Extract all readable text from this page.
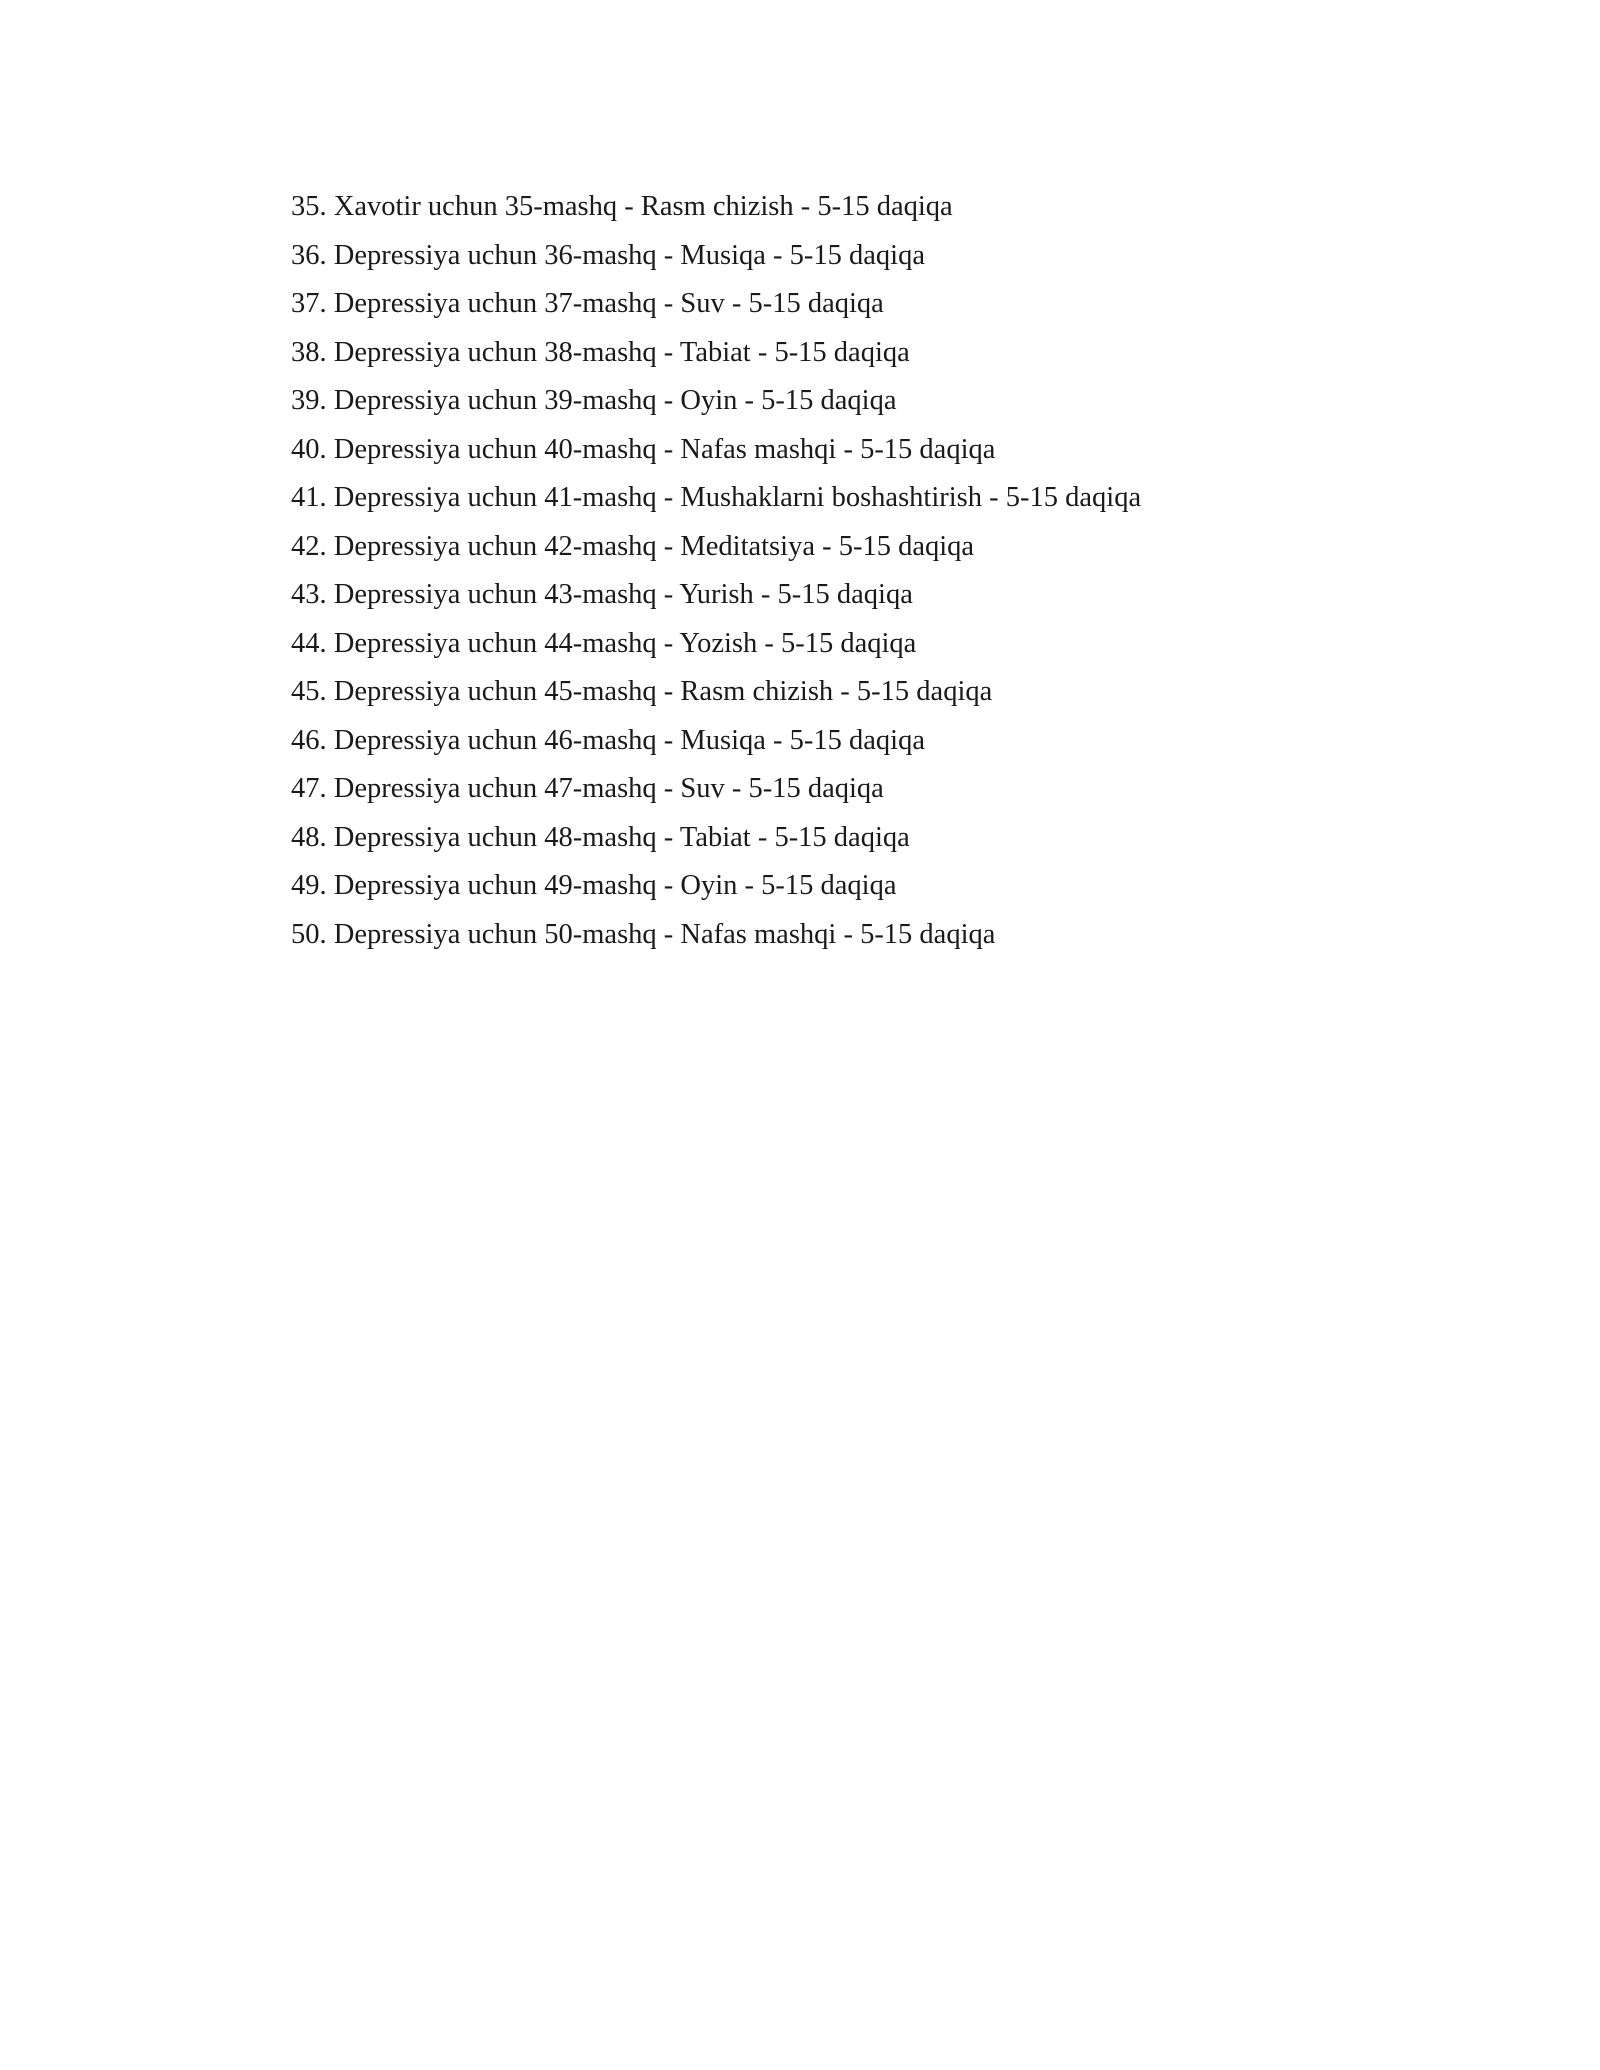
35. Xavotir uchun 35-mashq - Rasm chizish - 5-15 daqiqa
36. Depressiya uchun 36-mashq - Musiqa - 5-15 daqiqa
37. Depressiya uchun 37-mashq - Suv - 5-15 daqiqa
38. Depressiya uchun 38-mashq - Tabiat - 5-15 daqiqa
39. Depressiya uchun 39-mashq - Oyin - 5-15 daqiqa
40. Depressiya uchun 40-mashq - Nafas mashqi - 5-15 daqiqa
41. Depressiya uchun 41-mashq - Mushaklarni boshashtirish - 5-15 daqiqa
42. Depressiya uchun 42-mashq - Meditatsiya - 5-15 daqiqa
43. Depressiya uchun 43-mashq - Yurish - 5-15 daqiqa
44. Depressiya uchun 44-mashq - Yozish - 5-15 daqiqa
45. Depressiya uchun 45-mashq - Rasm chizish - 5-15 daqiqa
46. Depressiya uchun 46-mashq - Musiqa - 5-15 daqiqa
47. Depressiya uchun 47-mashq - Suv - 5-15 daqiqa
48. Depressiya uchun 48-mashq - Tabiat - 5-15 daqiqa
49. Depressiya uchun 49-mashq - Oyin - 5-15 daqiqa
50. Depressiya uchun 50-mashq - Nafas mashqi - 5-15 daqiqa
